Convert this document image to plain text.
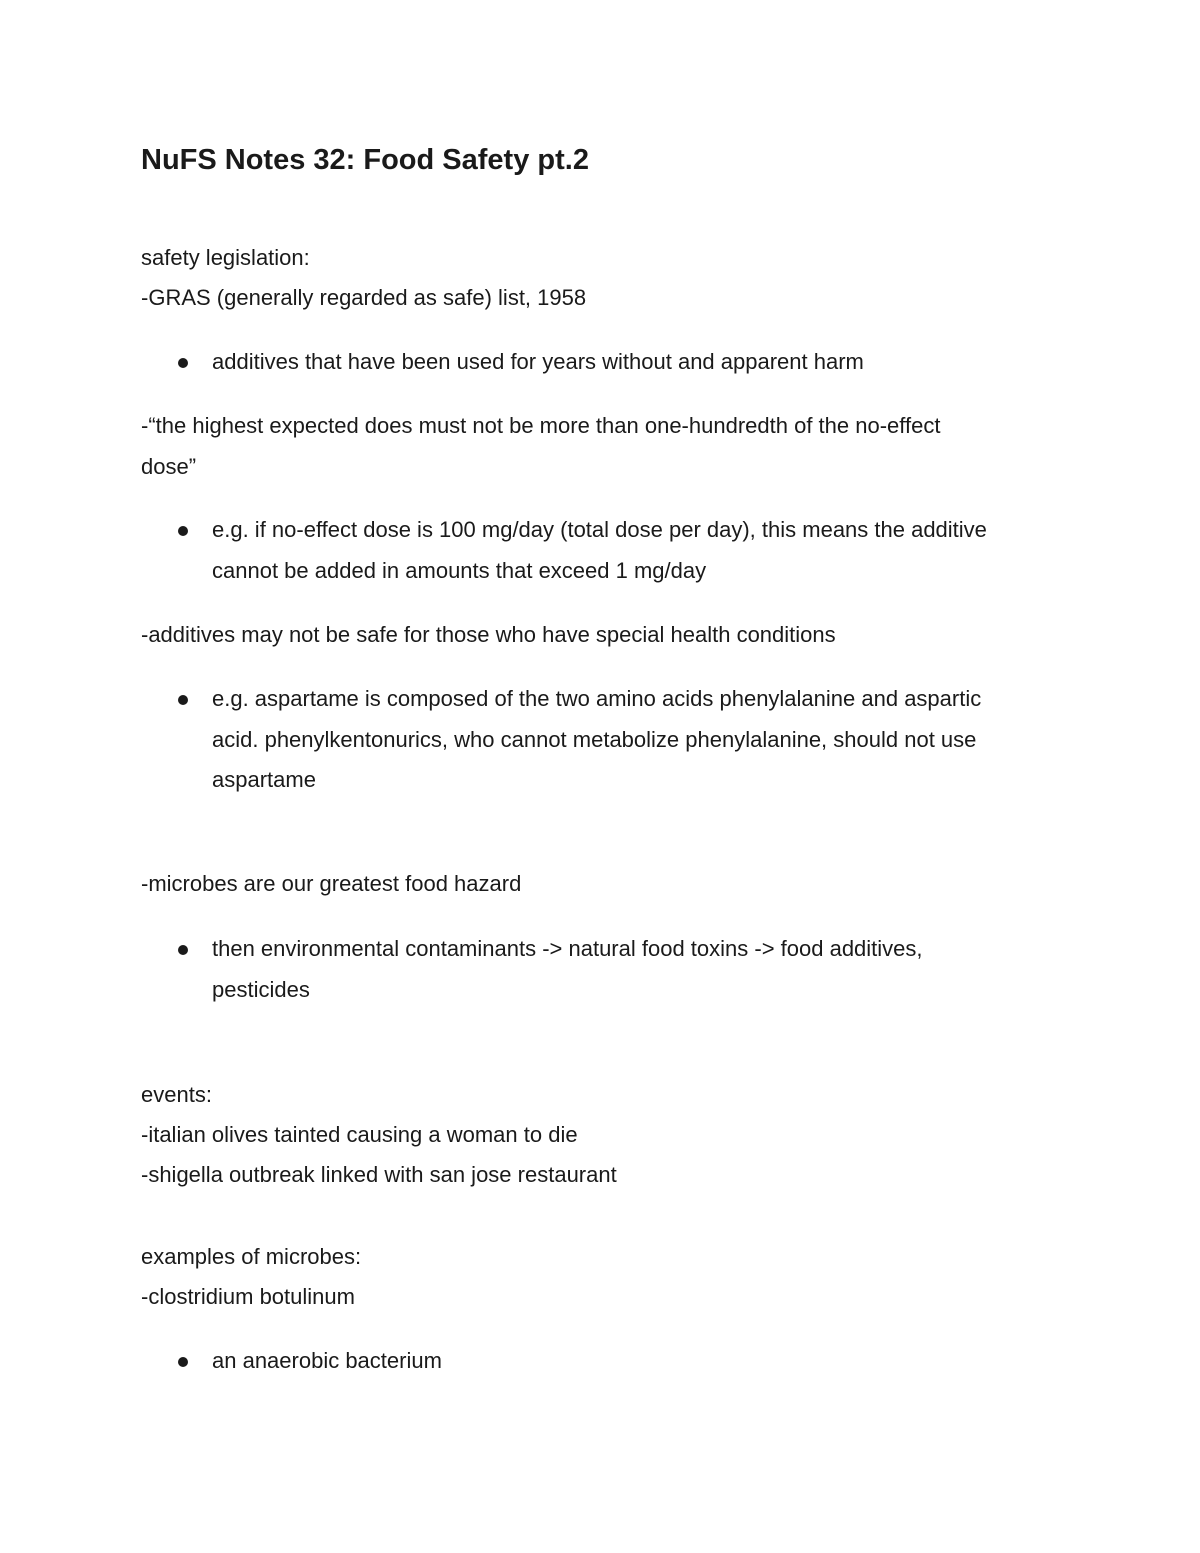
NuFS Notes 32: Food Safety pt.2

safety legislation:

-GRAS (generally regarded as safe) list, 1958

additives that have been used for years without and apparent harm

-“the highest expected does must not be more than one-hundredth of the no-effect

dose”

e.g. if no-effect dose is 100 mg/day (total dose per day), this means the additive

cannot be added in amounts that exceed 1 mg/day

-additives may not be safe for those who have special health conditions

e.g. aspartame is composed of the two amino acids phenylalanine and aspartic

acid. phenylkentonurics, who cannot metabolize phenylalanine, should not use

aspartame

-microbes are our greatest food hazard

then environmental contaminants -> natural food toxins -> food additives,

pesticides

events:

-italian olives tainted causing a woman to die

-shigella outbreak linked with san jose restaurant

examples of microbes:

-clostridium botulinum

an anaerobic bacterium
